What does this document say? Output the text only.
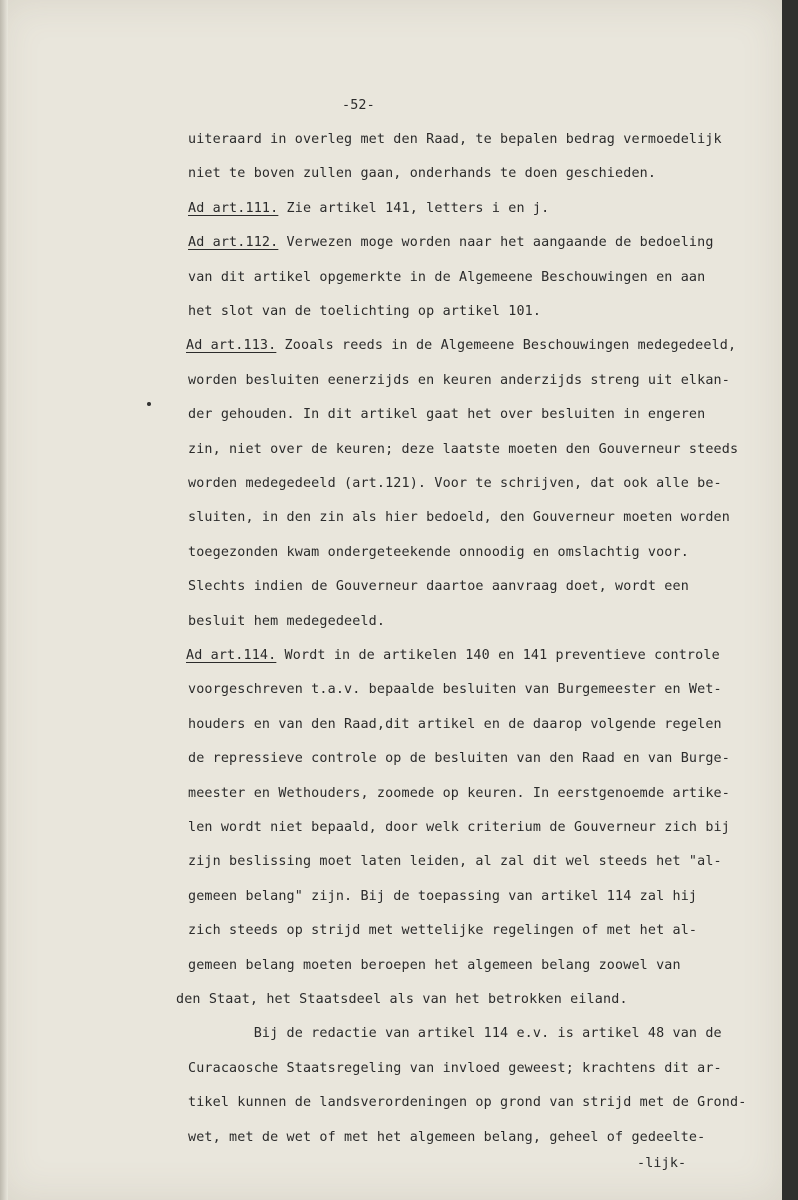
-52-
uiteraard in overleg met den Raad, te bepalen bedrag vermoedelijk
niet te boven zullen gaan, onderhands te doen geschieden.
Ad art.111. Zie artikel 141, letters i en j.
Ad art.112. Verwezen moge worden naar het aangaande de bedoeling
van dit artikel opgemerkte in de Algemeene Beschouwingen en aan
het slot van de toelichting op artikel 101.
Ad art.113. Zooals reeds in de Algemeene Beschouwingen medegedeeld,
worden besluiten eenerzijds en keuren anderzijds streng uit elkan-
der gehouden. In dit artikel gaat het over besluiten in engeren
zin, niet over de keuren; deze laatste moeten den Gouverneur steeds
worden medegedeeld (art.121). Voor te schrijven, dat ook alle be-
sluiten, in den zin als hier bedoeld, den Gouverneur moeten worden
toegezonden kwam ondergeteekende onnoodig en omslachtig voor.
Slechts indien de Gouverneur daartoe aanvraag doet, wordt een
besluit hem medegedeeld.
Ad art.114. Wordt in de artikelen 140 en 141 preventieve controle
voorgeschreven t.a.v. bepaalde besluiten van Burgemeester en Wet-
houders en van den Raad,dit artikel en de daarop volgende regelen
de repressieve controle op de besluiten van den Raad en van Burge-
meester en Wethouders, zoomede op keuren. In eerstgenoemde artike-
len wordt niet bepaald, door welk criterium de Gouverneur zich bij
zijn beslissing moet laten leiden, al zal dit wel steeds het "al-
gemeen belang" zijn. Bij de toepassing van artikel 114 zal hij
zich steeds op strijd met wettelijke regelingen of met het al-
gemeen belang moeten beroepen het algemeen belang zoowel van
den Staat, het Staatsdeel als van het betrokken eiland.
Bij de redactie van artikel 114 e.v. is artikel 48 van de
Curacaosche Staatsregeling van invloed geweest; krachtens dit ar-
tikel kunnen de landsverordeningen op grond van strijd met de Grond-
wet, met de wet of met het algemeen belang, geheel of gedeelte-
-lijk-
